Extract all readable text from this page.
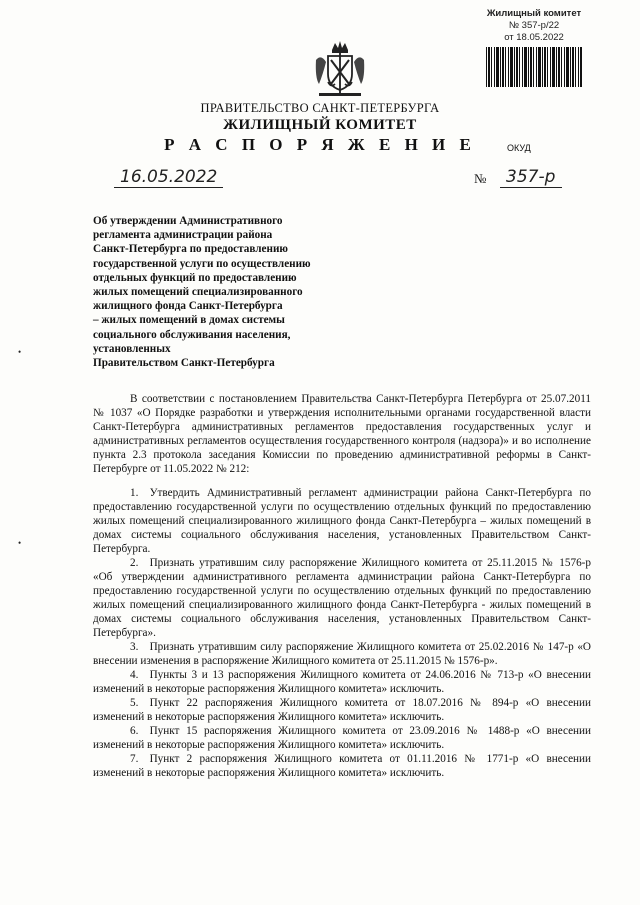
Жилищный комитет
№ 357-р/22
от 18.05.2022
ПРАВИТЕЛЬСТВО САНКТ-ПЕТЕРБУРГА
ЖИЛИЩНЫЙ КОМИТЕТ
Р А С П О Р Я Ж Е Н И Е	ОКУД
16.05.2022	№	357-р
Об утверждении Административного
регламента администрации района
Санкт-Петербурга по предоставлению
государственной услуги по осуществлению
отдельных функций по предоставлению
жилых помещений специализированного
жилищного фонда Санкт-Петербурга
– жилых помещений в домах системы
социального обслуживания населения,
установленных
Правительством Санкт-Петербурга
•
•

В соответствии с постановлением Правительства Санкт-Петербурга Петербурга от 25.07.2011 № 1037 «О Порядке разработки и утверждения исполнительными органами государственной власти Санкт-Петербурга административных регламентов предоставления государственных услуг и административных регламентов осуществления государственного контроля (надзора)» и во исполнение пункта 2.3 протокола заседания Комиссии по проведению административной реформы в Санкт-Петербурге от 11.05.2022 № 212:

1. Утвердить Административный регламент администрации района Санкт-Петербурга по предоставлению государственной услуги по осуществлению отдельных функций по предоставлению жилых помещений специализированного жилищного фонда Санкт-Петербурга – жилых помещений в домах системы социального обслуживания населения, установленных Правительством Санкт-Петербурга.

2. Признать утратившим силу распоряжение Жилищного комитета от 25.11.2015 № 1576-р «Об утверждении административного регламента администрации района Санкт-Петербурга по предоставлению государственной услуги по осуществлению отдельных функций по предоставлению жилых помещений специализированного жилищного фонда Санкт-Петербурга - жилых помещений в домах системы социального обслуживания населения, установленных Правительством Санкт-Петербурга».

3. Признать утратившим силу распоряжение Жилищного комитета от 25.02.2016 № 147-р «О внесении изменения в распоряжение Жилищного комитета от 25.11.2015 № 1576-р».

4. Пункты 3 и 13 распоряжения Жилищного комитета от 24.06.2016 № 713-р «О внесении изменений в некоторые распоряжения Жилищного комитета» исключить.

5. Пункт 22 распоряжения Жилищного комитета от 18.07.2016 № 894-р «О внесении изменений в некоторые распоряжения Жилищного комитета» исключить.

6. Пункт 15 распоряжения Жилищного комитета от 23.09.2016 № 1488-р «О внесении изменений в некоторые распоряжения Жилищного комитета» исключить.

7. Пункт 2 распоряжения Жилищного комитета от 01.11.2016 № 1771-р «О внесении изменений в некоторые распоряжения Жилищного комитета» исключить.
